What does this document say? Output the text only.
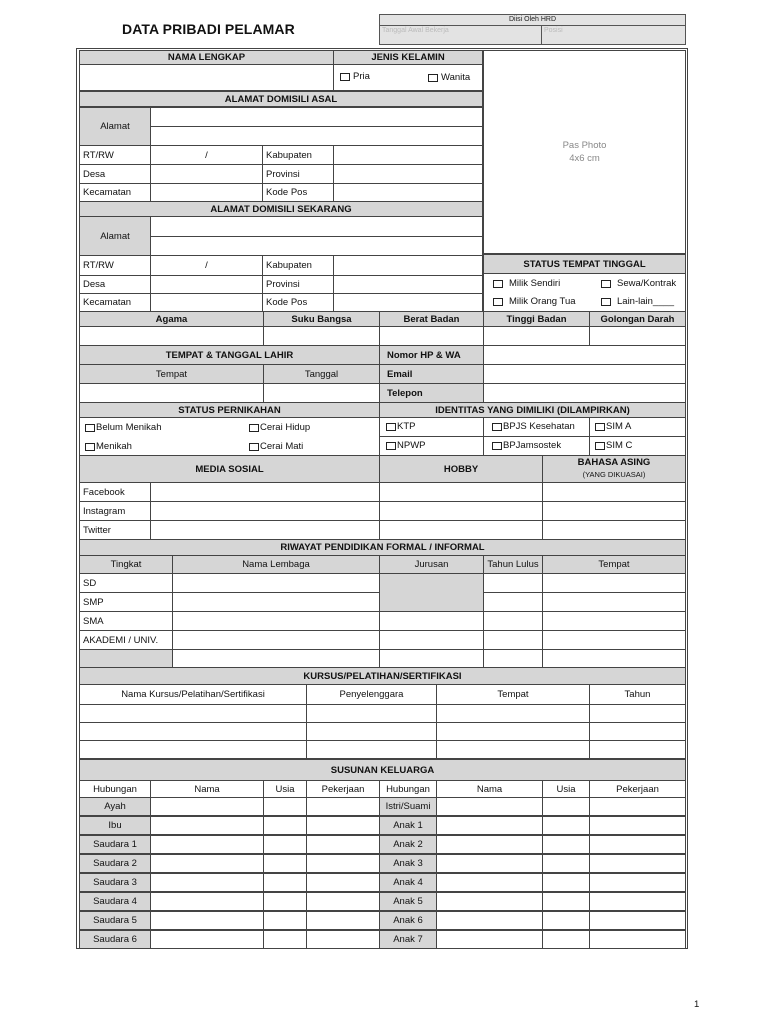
DATA PRIBADI PELAMAR
Diisi Oleh HRD
Tanggal Awal Bekerja	Posisi
NAMA LENGKAP	JENIS KELAMIN
Pria	Wanita
Pas Photo
4x6 cm
ALAMAT DOMISILI ASAL
Alamat
RT/RW	/	Kabupaten
Desa	Provinsi
Kecamatan	Kode Pos
ALAMAT DOMISILI SEKARANG
Alamat
RT/RW	/	Kabupaten
Desa	Provinsi
Kecamatan	Kode Pos
STATUS TEMPAT TINGGAL
Milik Sendiri	Sewa/Kontrak
Milik Orang Tua	Lain-lain____
Agama	Suku Bangsa	Berat Badan	Tinggi Badan	Golongan Darah
TEMPAT & TANGGAL LAHIR
Tempat	Tanggal
Nomor HP & WA
Email
Telepon
STATUS PERNIKAHAN
Belum Menikah	Cerai Hidup
Menikah	Cerai Mati
IDENTITAS YANG DIMILIKI (DILAMPIRKAN)
KTP	BPJS Kesehatan	SIM A
NPWP	BPJamsostek	SIM C
MEDIA SOSIAL	HOBBY
BAHASA ASING
(YANG DIKUASAI)
RIWAYAT PENDIDIKAN FORMAL / INFORMAL
KURSUS/PELATIHAN/SERTIFIKASI
SUSUNAN KELUARGA
1
Facebook
Instagram
Twitter
Tingkat	Nama Lembaga	Jurusan	Tahun Lulus	Tempat
SD
SMP
SMA
AKADEMI / UNIV.
Nama Kursus/Pelatihan/Sertifikasi	Penyelenggara	Tempat	Tahun
Hubungan	Nama	Usia	Pekerjaan	Hubungan	Nama	Usia	Pekerjaan
Ayah	Istri/Suami
Ibu	Anak 1
Saudara 1	Anak 2
Saudara 2	Anak 3
Saudara 3	Anak 4
Saudara 4	Anak 5
Saudara 5	Anak 6
Saudara 6	Anak 7
